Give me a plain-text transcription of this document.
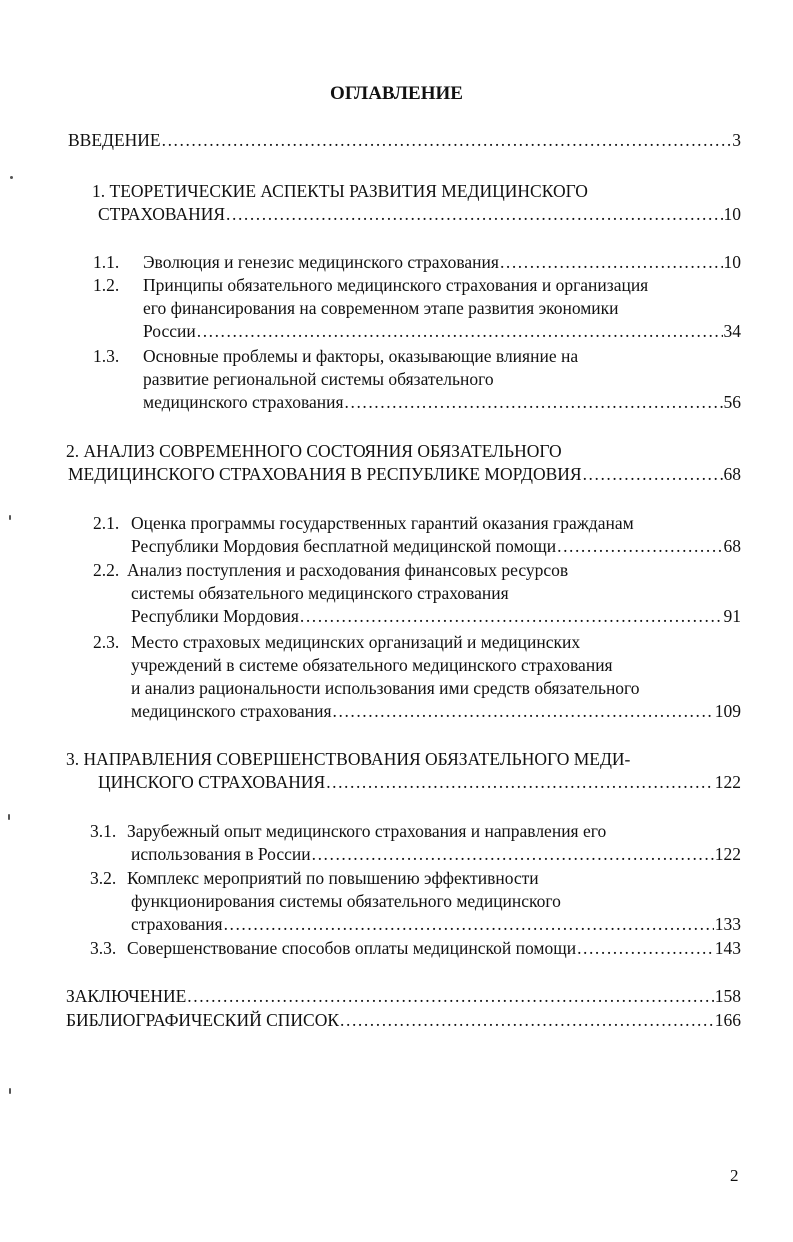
ОГЛАВЛЕНИЕ
ВВЕДЕНИЕ . . .	3
1. ТЕОРЕТИЧЕСКИЕ АСПЕКТЫ РАЗВИТИЯ МЕДИЦИНСКОГО
СТРАХОВАНИЯ . . .	10
1.1. Эволюция и генезис медицинского страхования . . .	10
1.2. Принципы обязательного медицинского страхования и организация
его финансирования на современном этапе развития экономики
России . . .	34
1.3. Основные проблемы и факторы, оказывающие влияние на
развитие региональной системы обязательного
медицинского страхования . . .	56
2. АНАЛИЗ СОВРЕМЕННОГО СОСТОЯНИЯ ОБЯЗАТЕЛЬНОГО
МЕДИЦИНСКОГО СТРАХОВАНИЯ В РЕСПУБЛИКЕ МОРДОВИЯ . . .	68
2.1. Оценка программы государственных гарантий оказания гражданам
Республики Мордовия бесплатной медицинской помощи . . .	68
2.2. Анализ поступления и расходования финансовых ресурсов
системы обязательного медицинского страхования
Республики Мордовия . . .	91
2.3. Место страховых медицинских организаций и медицинских
учреждений в системе обязательного медицинского страхования
и анализ рациональности использования ими средств обязательного
медицинского страхования . . .	109
3. НАПРАВЛЕНИЯ СОВЕРШЕНСТВОВАНИЯ ОБЯЗАТЕЛЬНОГО МЕДИ-
ЦИНСКОГО СТРАХОВАНИЯ . . .	122
3.1. Зарубежный опыт медицинского страхования и направления его
использования в России . . .	122
3.2. Комплекс мероприятий по повышению эффективности
функционирования системы обязательного медицинского
страхования . . .	133
3.3. Совершенствование способов оплаты медицинской помощи . . .	143
ЗАКЛЮЧЕНИЕ . . .	158
БИБЛИОГРАФИЧЕСКИЙ СПИСОК . . .	166
2
